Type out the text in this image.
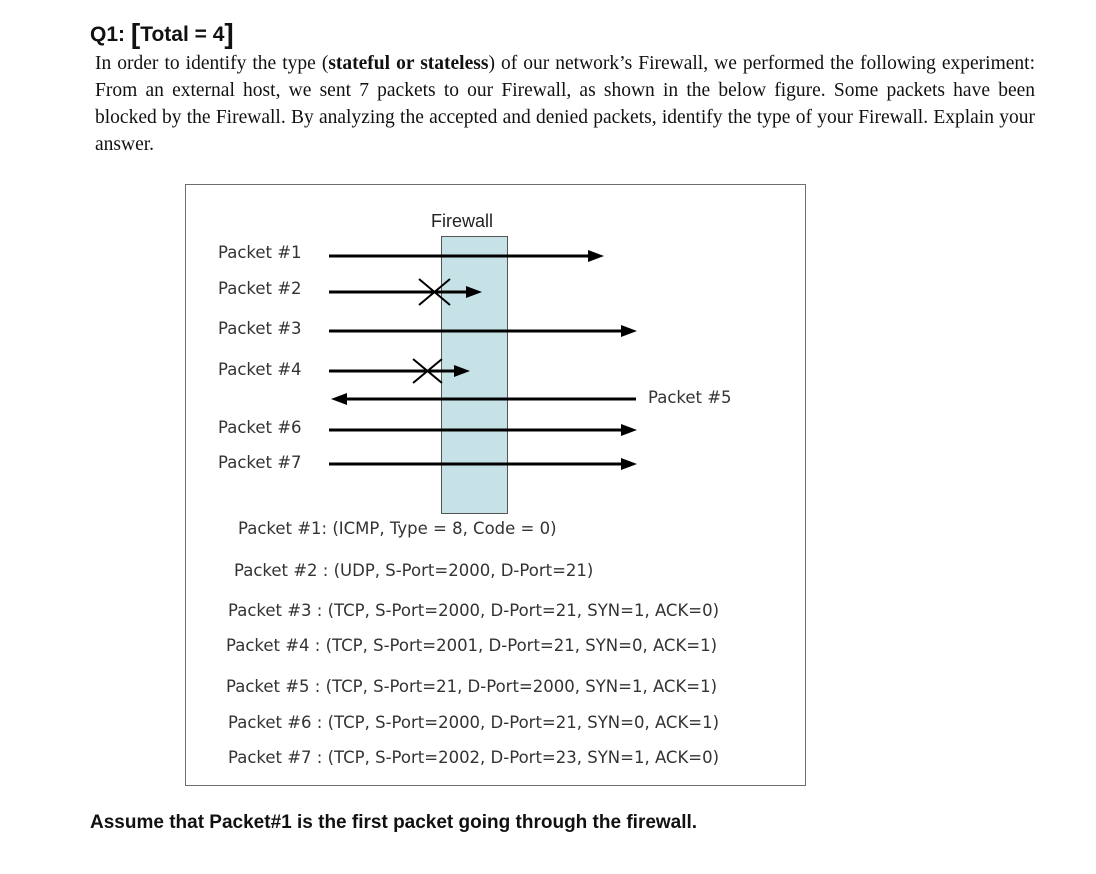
Q1: [Total = 4]
In order to identify the type (stateful or stateless) of our network’s Firewall, we performed the following experiment: From an external host, we sent 7 packets to our Firewall, as shown in the below figure. Some packets have been blocked by the Firewall. By analyzing the accepted and denied packets, identify the type of your Firewall. Explain your answer.
Firewall
Packet #1
Packet #2
Packet #3
Packet #4
Packet #5
Packet #6
Packet #7
Packet #1: (ICMP, Type = 8, Code = 0)
Packet #2 : (UDP, S-Port=2000, D-Port=21)
Packet #3 : (TCP, S-Port=2000, D-Port=21, SYN=1, ACK=0)
Packet #4 : (TCP, S-Port=2001, D-Port=21, SYN=0, ACK=1)
Packet #5 : (TCP, S-Port=21, D-Port=2000, SYN=1, ACK=1)
Packet #6 : (TCP, S-Port=2000, D-Port=21, SYN=0, ACK=1)
Packet #7 : (TCP, S-Port=2002, D-Port=23, SYN=1, ACK=0)
Assume that Packet#1 is the first packet going through the firewall.
